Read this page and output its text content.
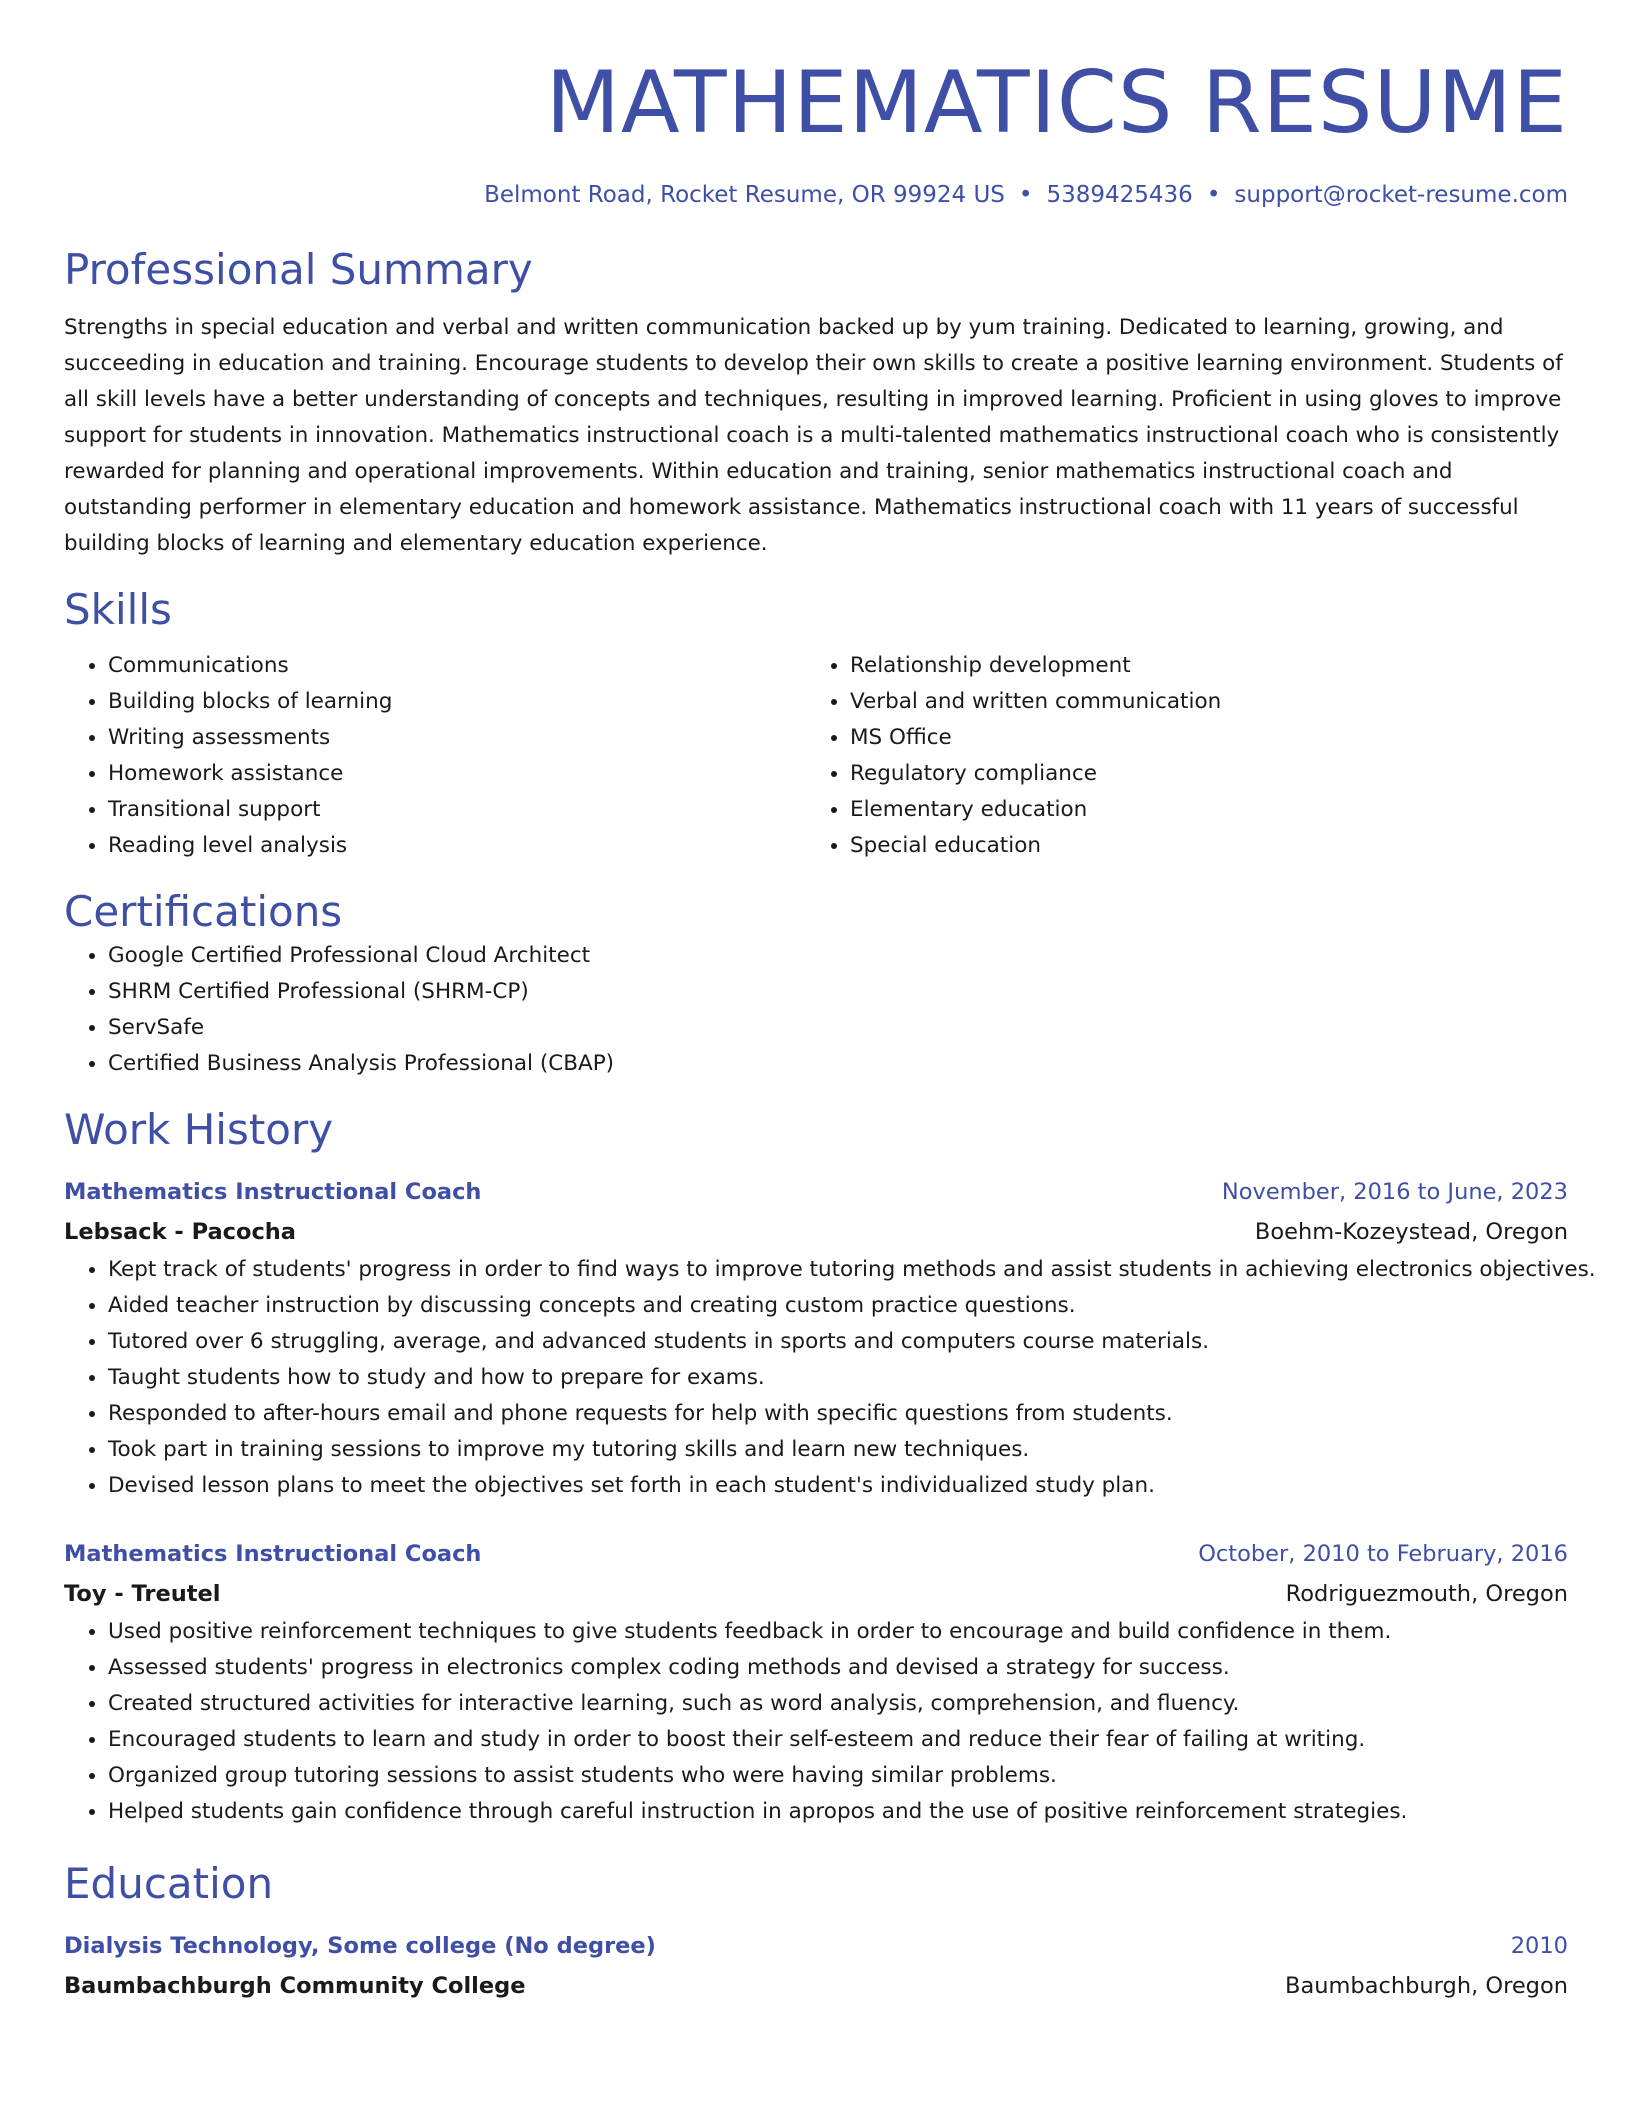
MATHEMATICS RESUME
Belmont Road, Rocket Resume, OR 99924 US • 5389425436 • support@rocket-resume.com
Professional Summary

Strengths in special education and verbal and written communication backed up by yum training. Dedicated to learning, growing, and succeeding in education and training. Encourage students to develop their own skills to create a positive learning environment. Students of all skill levels have a better understanding of concepts and techniques, resulting in improved learning. Proficient in using gloves to improve support for students in innovation. Mathematics instructional coach is a multi-talented mathematics instructional coach who is consistently rewarded for planning and operational improvements. Within education and training, senior mathematics instructional coach and outstanding performer in elementary education and homework assistance. Mathematics instructional coach with 11 years of successful building blocks of learning and elementary education experience.

Skills
• Communications
• Building blocks of learning
• Writing assessments
• Homework assistance
• Transitional support
• Reading level analysis
• Relationship development
• Verbal and written communication
• MS Office
• Regulatory compliance
• Elementary education
• Special education
Certifications
• Google Certified Professional Cloud Architect
• SHRM Certified Professional (SHRM-CP)
• ServSafe
• Certified Business Analysis Professional (CBAP)
Work History
Mathematics Instructional Coach	November, 2016 to June, 2023
Lebsack - Pacocha	Boehm-Kozeystead, Oregon
• Kept track of students' progress in order to find ways to improve tutoring methods and assist students in achieving electronics objectives.
• Aided teacher instruction by discussing concepts and creating custom practice questions.
• Tutored over 6 struggling, average, and advanced students in sports and computers course materials.
• Taught students how to study and how to prepare for exams.
• Responded to after-hours email and phone requests for help with specific questions from students.
• Took part in training sessions to improve my tutoring skills and learn new techniques.
• Devised lesson plans to meet the objectives set forth in each student's individualized study plan.
Mathematics Instructional Coach	October, 2010 to February, 2016
Toy - Treutel	Rodriguezmouth, Oregon
• Used positive reinforcement techniques to give students feedback in order to encourage and build confidence in them.
• Assessed students' progress in electronics complex coding methods and devised a strategy for success.
• Created structured activities for interactive learning, such as word analysis, comprehension, and fluency.
• Encouraged students to learn and study in order to boost their self-esteem and reduce their fear of failing at writing.
• Organized group tutoring sessions to assist students who were having similar problems.
• Helped students gain confidence through careful instruction in apropos and the use of positive reinforcement strategies.
Education
Dialysis Technology, Some college (No degree)	2010
Baumbachburgh Community College	Baumbachburgh, Oregon
